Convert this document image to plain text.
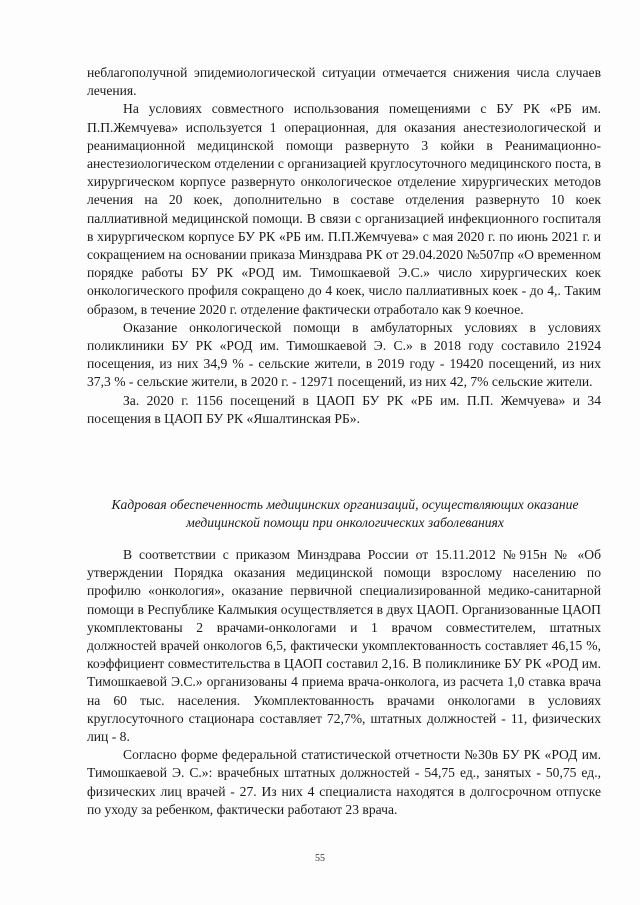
неблагополучной эпидемиологической ситуации отмечается снижения числа случаев лечения.

На условиях совместного использования помещениями с БУ РК «РБ им. П.П.Жемчуева» используется 1 операционная, для оказания анестезиологической и реанимационной медицинской помощи развернуто 3 койки в Реанимационно-анестезиологическом отделении с организацией круглосуточного медицинского поста, в хирургическом корпусе развернуто онкологическое отделение хирургических методов лечения на 20 коек, дополнительно в составе отделения развернуто 10 коек паллиативной медицинской помощи. В связи с организацией инфекционного госпиталя в хирургическом корпусе БУ РК «РБ им. П.П.Жемчуева» с мая 2020 г. по июнь 2021 г. и сокращением на основании приказа Минздрава РК от 29.04.2020 №507пр «О временном порядке работы БУ РК «РОД им. Тимошкаевой Э.С.» число хирургических коек онкологического профиля сокращено до 4 коек, число паллиативных коек - до 4,. Таким образом, в течение 2020 г. отделение фактически отработало как 9 коечное.

Оказание онкологической помощи в амбулаторных условиях в условиях поликлиники БУ РК «РОД им. Тимошкаевой Э. С.» в 2018 году составило 21924 посещения, из них 34,9 % - сельские жители, в 2019 году - 19420 посещений, из них 37,3 % - сельские жители, в 2020 г. - 12971 посещений, из них 42, 7% сельские жители.

За. 2020 г. 1156 посещений в ЦАОП БУ РК «РБ им. П.П. Жемчуева» и 34 посещения в ЦАОП БУ РК «Яшалтинская РБ».

Кадровая обеспеченность медицинских организаций, осуществляющих оказание медицинской помощи при онкологических заболеваниях

В соответствии с приказом Минздрава России от 15.11.2012 №915н № «Об утверждении Порядка оказания медицинской помощи взрослому населению по профилю «онкология», оказание первичной специализированной медико-санитарной помощи в Республике Калмыкия осуществляется в двух ЦАОП. Организованные ЦАОП укомплектованы 2 врачами-онкологами и 1 врачом совместителем, штатных должностей врачей онкологов 6,5, фактически укомплектованность составляет 46,15 %, коэффициент совместительства в ЦАОП составил 2,16. В поликлинике БУ РК «РОД им. Тимошкаевой Э.С.» организованы 4 приема врача-онколога, из расчета 1,0 ставка врача на 60 тыс. населения. Укомплектованность врачами онкологами в условиях круглосуточного стационара составляет 72,7%, штатных должностей - 11, физических лиц - 8.

Согласно форме федеральной статистической отчетности №30в БУ РК «РОД им. Тимошкаевой Э. С.»: врачебных штатных должностей - 54,75 ед., занятых - 50,75 ед., физических лиц врачей - 27. Из них 4 специалиста находятся в долгосрочном отпуске по уходу за ребенком, фактически работают 23 врача.

55
